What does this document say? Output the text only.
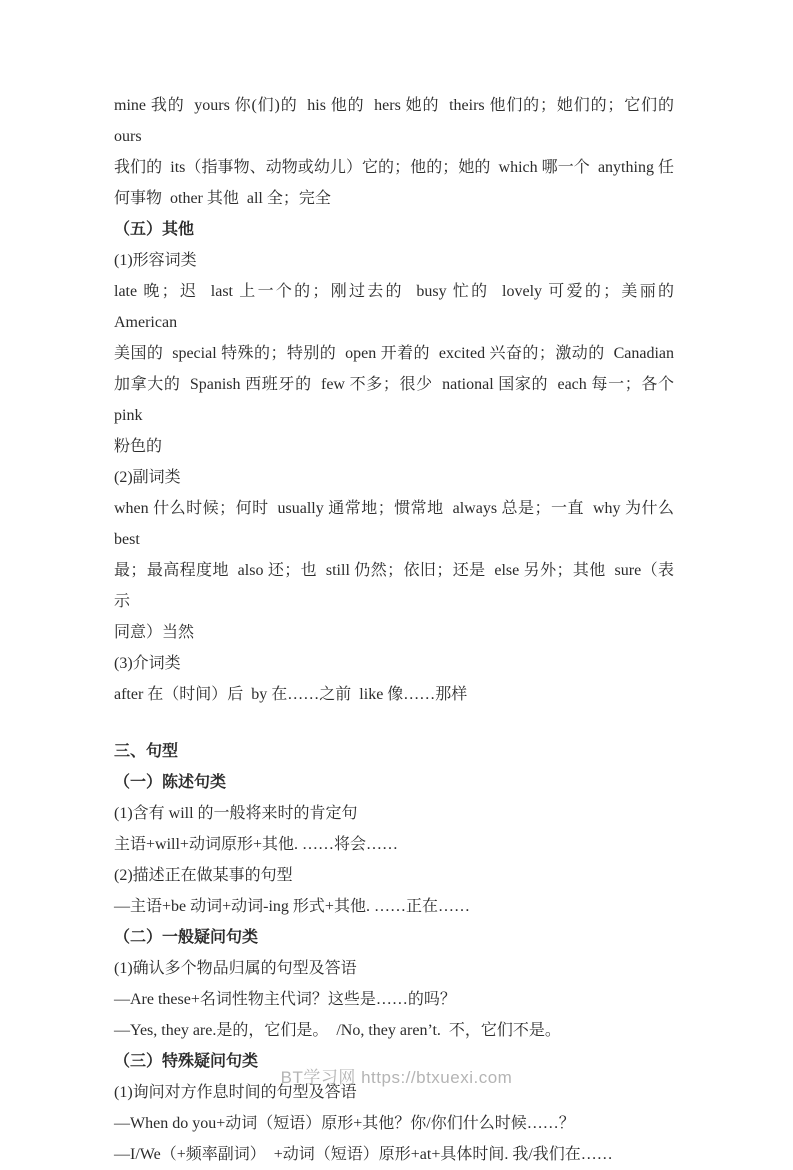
mine 我的  yours 你(们)的  his 他的  hers 她的  theirs 他们的；她们的；它们的  ours
我们的  its（指事物、动物或幼儿）它的；他的；她的  which 哪一个  anything 任
何事物  other 其他  all 全；完全
（五）其他
(1)形容词类
late 晚；迟  last 上一个的；刚过去的  busy 忙的  lovely 可爱的；美丽的  American
美国的  special 特殊的；特别的  open 开着的  excited 兴奋的；激动的  Canadian
加拿大的  Spanish 西班牙的  few 不多；很少  national 国家的  each 每一；各个  pink
粉色的
(2)副词类
when 什么时候；何时  usually 通常地；惯常地  always 总是；一直  why 为什么  best
最；最高程度地  also 还；也  still 仍然；依旧；还是  else 另外；其他  sure（表示
同意）当然
(3)介词类
after 在（时间）后  by 在……之前  like 像……那样
三、句型
（一）陈述句类
(1)含有 will 的一般将来时的肯定句
主语+will+动词原形+其他. ……将会……
(2)描述正在做某事的句型
—主语+be 动词+动词-ing 形式+其他. ……正在……
（二）一般疑问句类
(1)确认多个物品归属的句型及答语
—Are these+名词性物主代词？这些是……的吗？
—Yes, they are.是的，它们是。  /No, they aren’t.  不，它们不是。
（三）特殊疑问句类
(1)询问对方作息时间的句型及答语
—When do you+动词（短语）原形+其他？你/你们什么时候……？
—I/We（+频率副词）  +动词（短语）原形+at+具体时间. 我/我们在……
BT学习网 https://btxuexi.com
